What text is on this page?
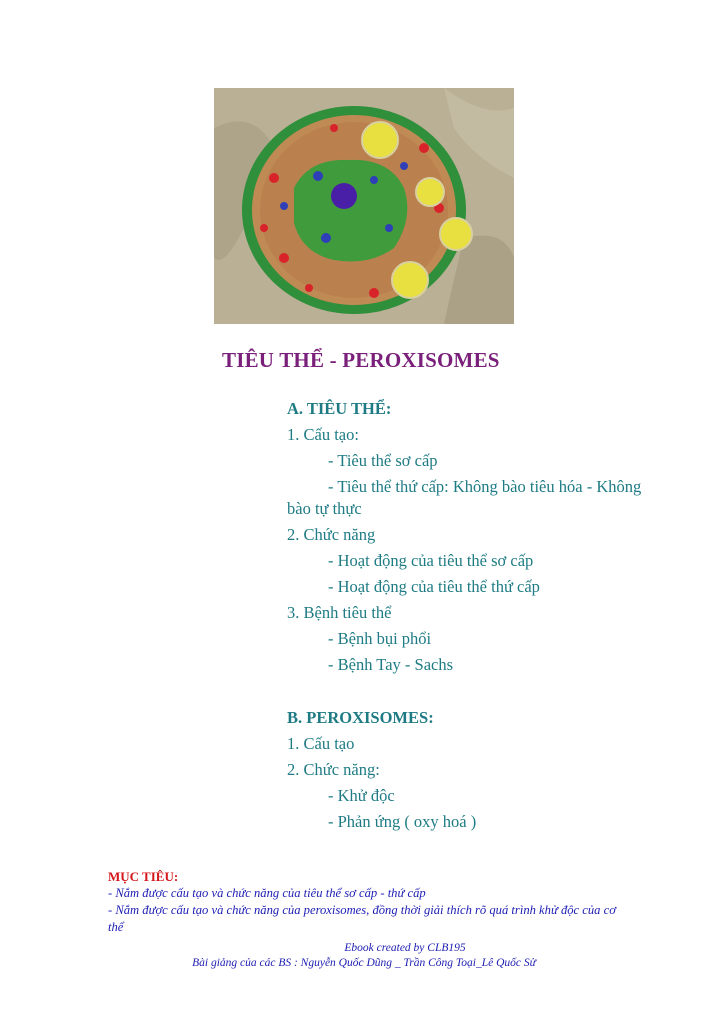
TIÊU THỂ - PEROXISOMES
A. TIÊU THỂ:
1. Cấu tạo:
- Tiêu thể sơ cấp
- Tiêu thể thứ cấp: Không bào tiêu hóa - Không bào tự thực
2. Chức năng
- Hoạt động của tiêu thể sơ cấp
- Hoạt động của tiêu thể thứ cấp
3. Bệnh tiêu thể
- Bệnh bụi phổi
- Bệnh Tay - Sachs
B. PEROXISOMES:
1. Cấu tạo
2. Chức năng:
- Khử độc
- Phản ứng ( oxy hoá )
MỤC TIÊU:
- Nắm được cấu tạo và chức năng của tiêu thể sơ cấp - thứ cấp
- Nắm được cấu tạo và chức năng của peroxisomes, đồng thời giải thích rõ quá trình khử độc của cơ thể
Ebook created by CLB195
Bài giảng của các BS : Nguyễn Quốc Dũng _ Trần Công Toại_Lê Quốc Sử
